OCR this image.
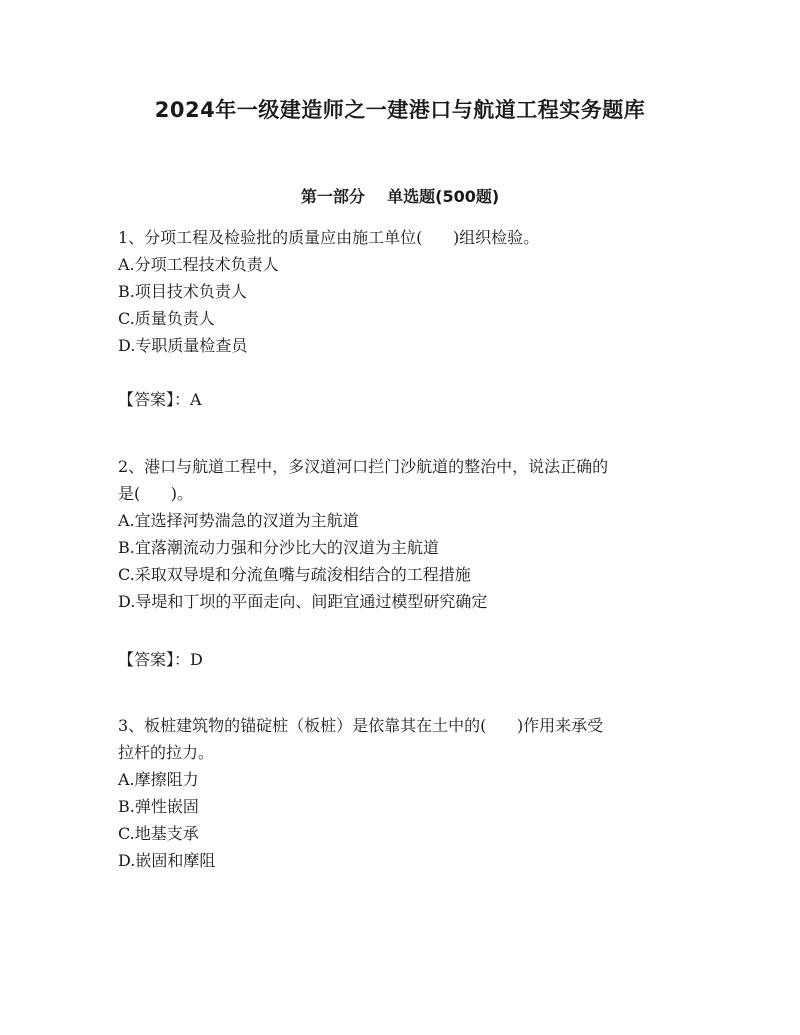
2024年一级建造师之一建港口与航道工程实务题库
第一部分    单选题(500题)
1、分项工程及检验批的质量应由施工单位(      )组织检验。
A.分项工程技术负责人
B.项目技术负责人
C.质量负责人
D.专职质量检查员
【答案】：A
2、港口与航道工程中，多汊道河口拦门沙航道的整治中，说法正确的
是(      )。
A.宜选择河势湍急的汊道为主航道
B.宜落潮流动力强和分沙比大的汊道为主航道
C.采取双导堤和分流鱼嘴与疏浚相结合的工程措施
D.导堤和丁坝的平面走向、间距宜通过模型研究确定
【答案】：D
3、板桩建筑物的锚碇桩（板桩）是依靠其在土中的(      )作用来承受
拉杆的拉力。
A.摩擦阻力
B.弹性嵌固
C.地基支承
D.嵌固和摩阻
